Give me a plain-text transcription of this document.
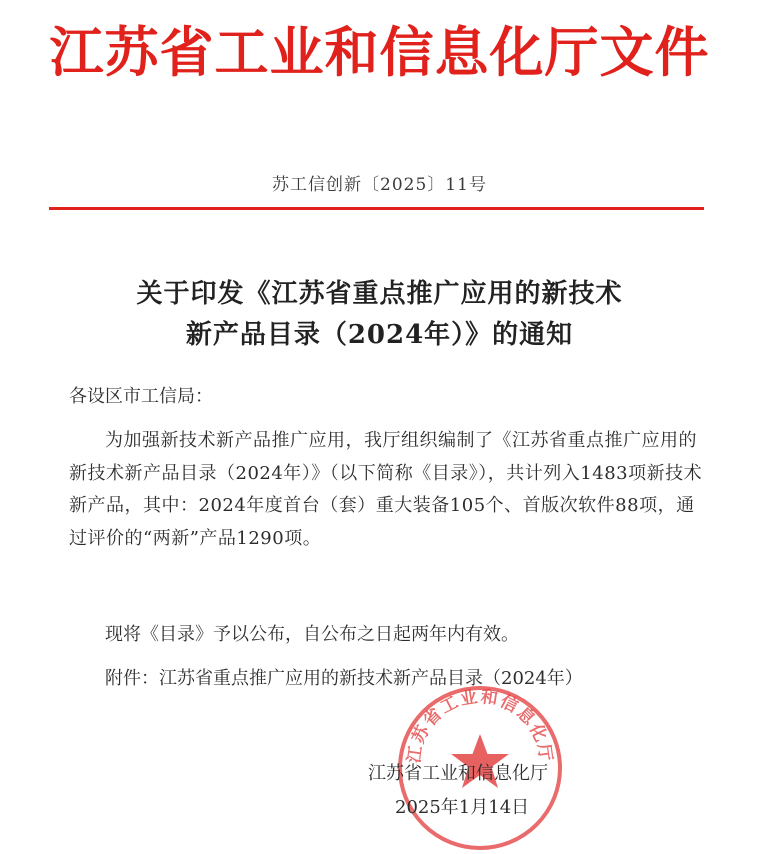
江苏省工业和信息化厅文件
苏工信创新〔2025〕11号
关于印发《江苏省重点推广应用的新技术
新产品目录（2024年）》的通知
各设区市工信局：
为加强新技术新产品推广应用，我厅组织编制了《江苏省重点推广应用的新技术新产品目录（2024年）》（以下简称《目录》），共计列入1483项新技术新产品，其中：2024年度首台（套）重大装备105个、首版次软件88项，通过评价的“两新”产品1290项。
现将《目录》予以公布，自公布之日起两年内有效。
附件：江苏省重点推广应用的新技术新产品目录（2024年）
江苏省工业和信息化厅
江苏省工业和信息化厅
2025年1月14日
